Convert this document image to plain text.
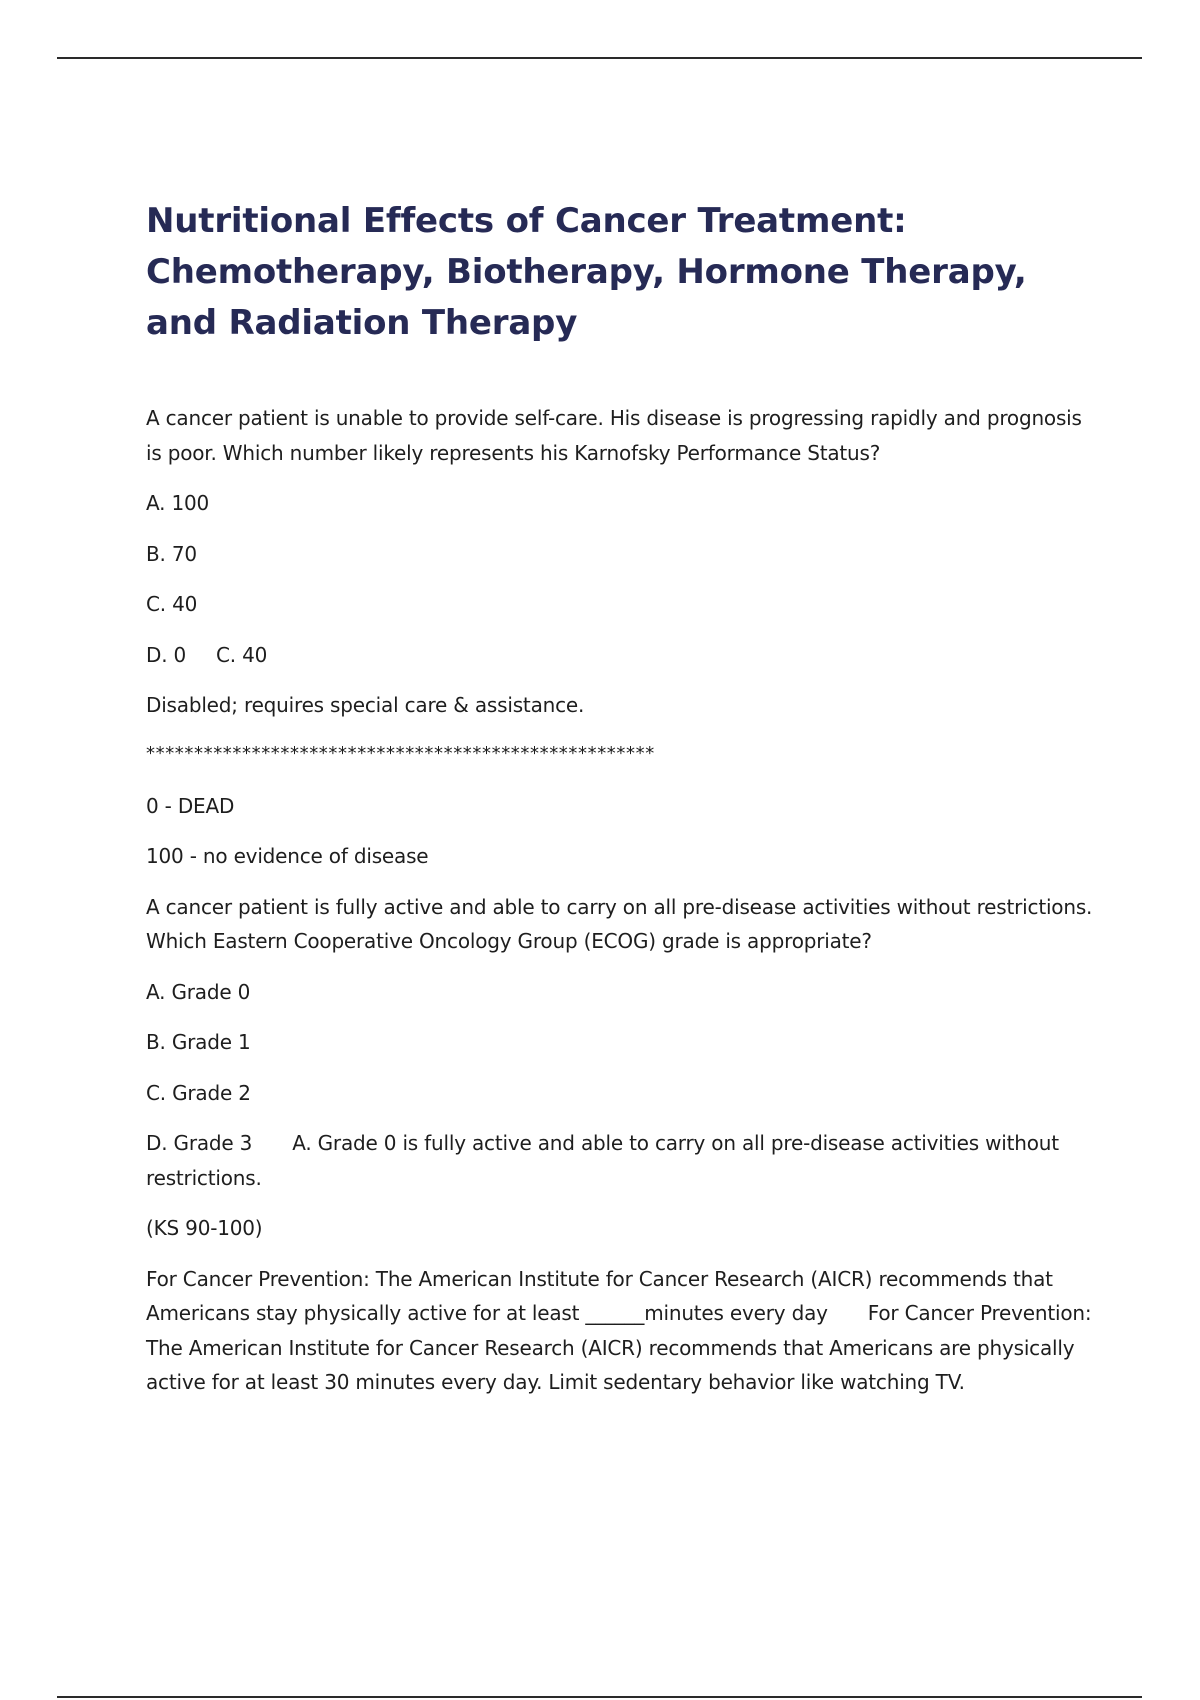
Nutritional Effects of Cancer Treatment: Chemotherapy, Biotherapy, Hormone Therapy, and Radiation Therapy

A cancer patient is unable to provide self-care. His disease is progressing rapidly and prognosis is poor. Which number likely represents his Karnofsky Performance Status?

A. 100

B. 70

C. 40

D. 0 C. 40

Disabled; requires special care & assistance.

*****************************************************

0 - DEAD

100 - no evidence of disease

A cancer patient is fully active and able to carry on all pre-disease activities without restrictions. Which Eastern Cooperative Oncology Group (ECOG) grade is appropriate?

A. Grade 0

B. Grade 1

C. Grade 2

D. Grade 3 A. Grade 0 is fully active and able to carry on all pre-disease activities without restrictions.

(KS 90-100)

For Cancer Prevention: The American Institute for Cancer Research (AICR) recommends that Americans stay physically active for at least ______minutes every day For Cancer Prevention: The American Institute for Cancer Research (AICR) recommends that Americans are physically active for at least 30 minutes every day. Limit sedentary behavior like watching TV.
